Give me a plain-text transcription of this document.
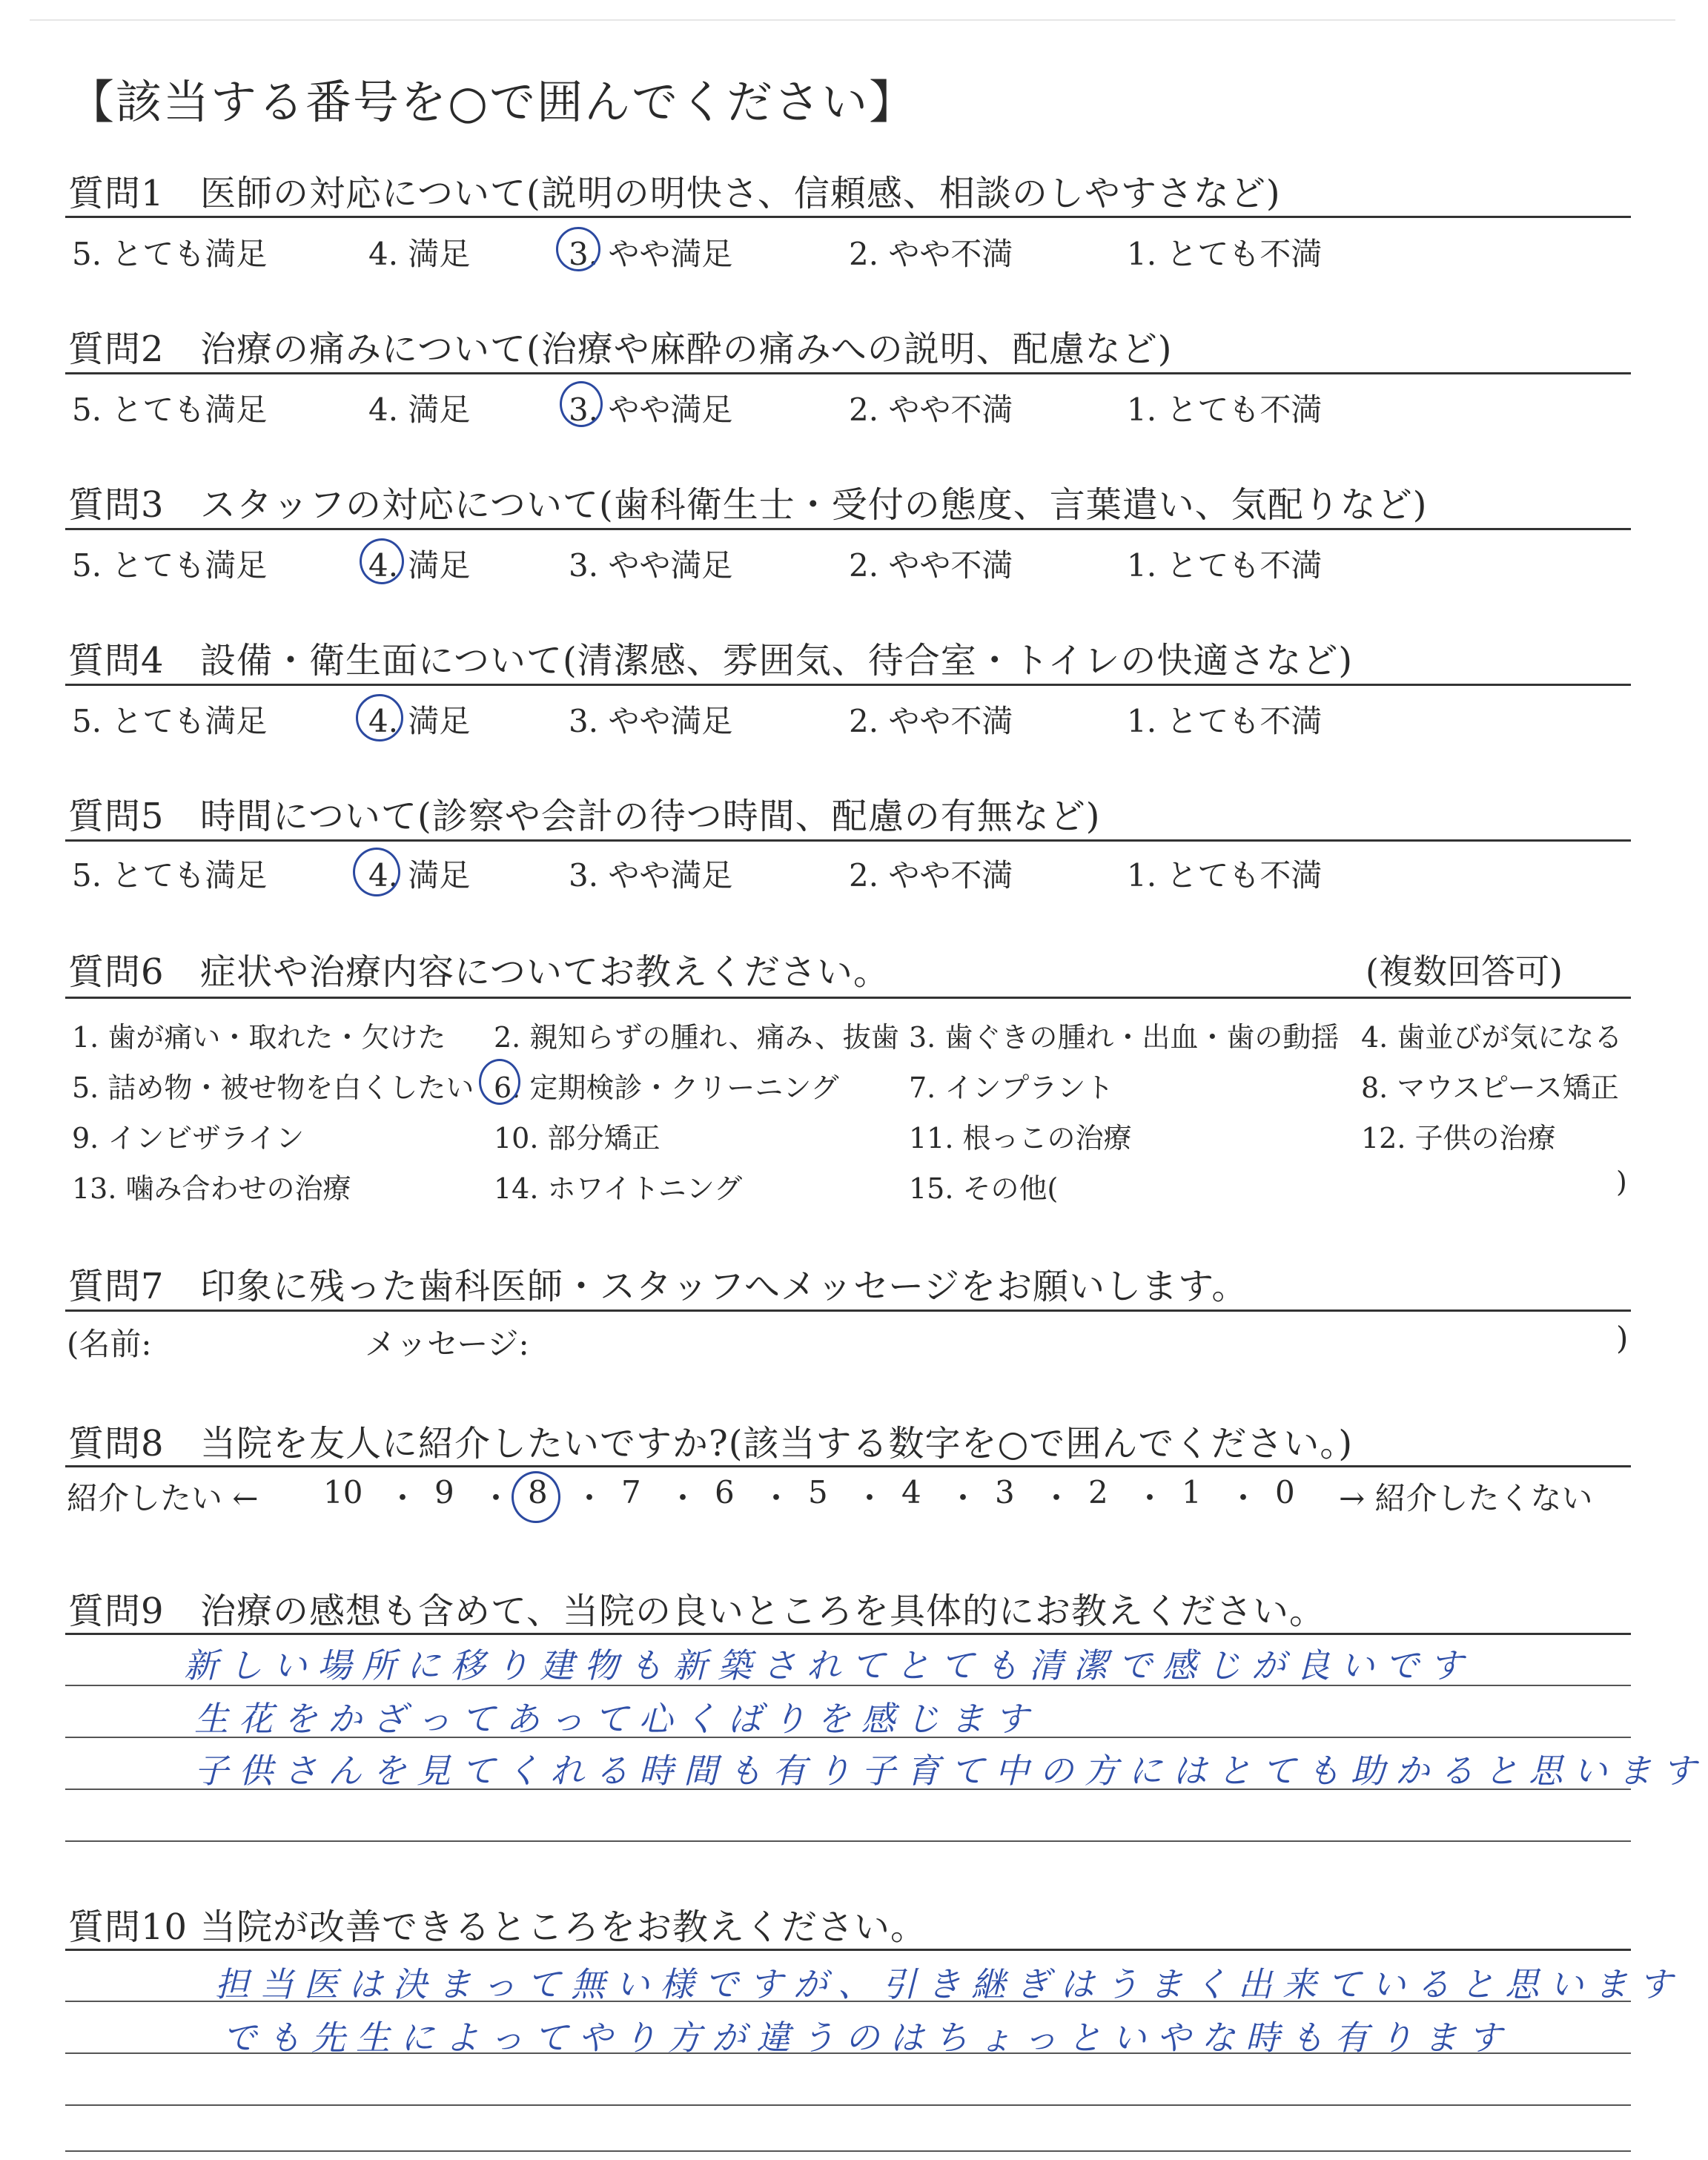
【該当する番号を○で囲んでください】
質問1 医師の対応について(説明の明快さ、信頼感、相談のしやすさなど)
5. とても満足	4. 満足	3. やや満足	2. やや不満	1. とても不満
質問2 治療の痛みについて(治療や麻酔の痛みへの説明、配慮など)
5. とても満足	4. 満足	3. やや満足	2. やや不満	1. とても不満
質問3 スタッフの対応について(歯科衛生士・受付の態度、言葉遣い、気配りなど)
5. とても満足	4. 満足	3. やや満足	2. やや不満	1. とても不満
質問4 設備・衛生面について(清潔感、雰囲気、待合室・トイレの快適さなど)
5. とても満足	4. 満足	3. やや満足	2. やや不満	1. とても不満
質問5 時間について(診察や会計の待つ時間、配慮の有無など)
5. とても満足	4. 満足	3. やや満足	2. やや不満	1. とても不満
質問6 症状や治療内容についてお教えください。	(複数回答可)
1. 歯が痛い・取れた・欠けた 2. 親知らずの腫れ、痛み、抜歯 3. 歯ぐきの腫れ・出血・歯の動揺 4. 歯並びが気になる
5. 詰め物・被せ物を白くしたい 6. 定期検診・クリーニング 7. インプラント	8. マウスピース矯正
9. インビザライン	10. 部分矯正	11. 根っこの治療	12. 子供の治療
13. 噛み合わせの治療	14. ホワイトニング	15. その他(	)
質問7 印象に残った歯科医師・スタッフへメッセージをお願いします。
(名前:	メッセージ:	)
質問8 当院を友人に紹介したいですか?(該当する数字を○で囲んでください。)
紹介したい ← 10 ・ 9 ・ 8 ・ 7 ・ 6 ・ 5 ・ 4 ・ 3 ・ 2 ・ 1 ・ 0 → 紹介したくない
質問9 治療の感想も含めて、当院の良いところを具体的にお教えください。
新しい場所に移り建物も新築されてとても清潔で感じが良いです
生花をかざってあって心くばりを感じます
子供さんを見てくれる時間も有り子育て中の方にはとても助かると思います
質問10 当院が改善できるところをお教えください。
担当医は決まって無い様ですが、引き継ぎはうまく出来ていると思います
でも先生によってやり方が違うのはちょっといやな時も有ります
